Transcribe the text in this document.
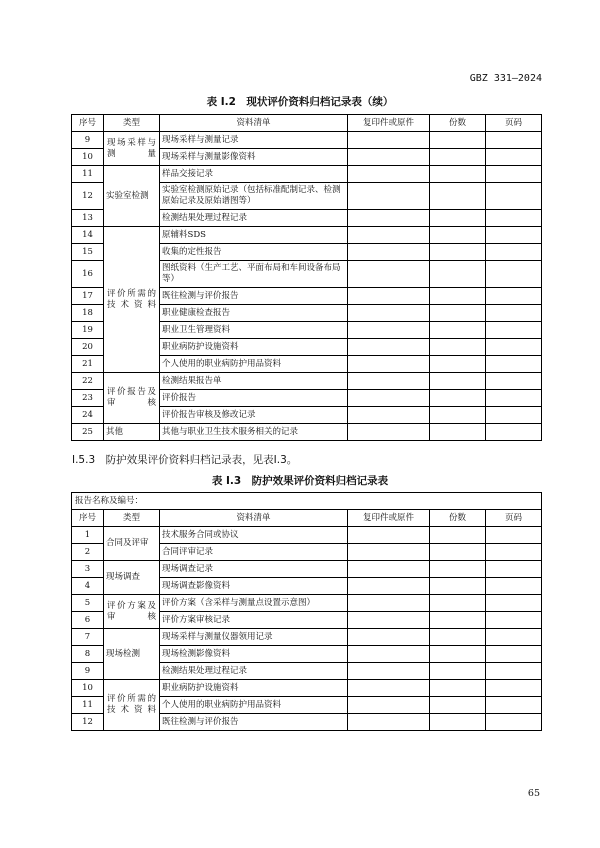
GBZ 331—2024
表 I.2　现状评价资料归档记录表（续）
序号	类型	资料清单	复印件或原件	份数	页码
9	现场采样与测量	现场采样与测量记录			
10		现场采样与测量影像资料			
11	实验室检测	样品交接记录			
12		实验室检测原始记录（包括标准配制记录、检测原始记录及原始谱图等）			
13		检测结果处理过程记录			
14	评价所需的技术资料	原辅料SDS			
15		收集的定性报告			
16		图纸资料（生产工艺、平面布局和车间设备布局等）			
17		既往检测与评价报告			
18		职业健康检查报告			
19		职业卫生管理资料			
20		职业病防护设施资料			
21		个人使用的职业病防护用品资料			
22	评价报告及审核	检测结果报告单			
23		评价报告			
24		评价报告审核及修改记录			
25	其他	其他与职业卫生技术服务相关的记录			
I.5.3　防护效果评价资料归档记录表，见表I.3。
表 I.3　防护效果评价资料归档记录表
报告名称及编号：					
序号	类型	资料清单	复印件或原件	份数	页码
1	合同及评审	技术服务合同或协议			
2		合同评审记录			
3	现场调查	现场调查记录			
4		现场调查影像资料			
5	评价方案及审核	评价方案（含采样与测量点设置示意图）			
6		评价方案审核记录			
7	现场检测	现场采样与测量仪器领用记录			
8		现场检测影像资料			
9		检测结果处理过程记录			
10	评价所需的技术资料	职业病防护设施资料			
11		个人使用的职业病防护用品资料			
12		既往检测与评价报告			
65
